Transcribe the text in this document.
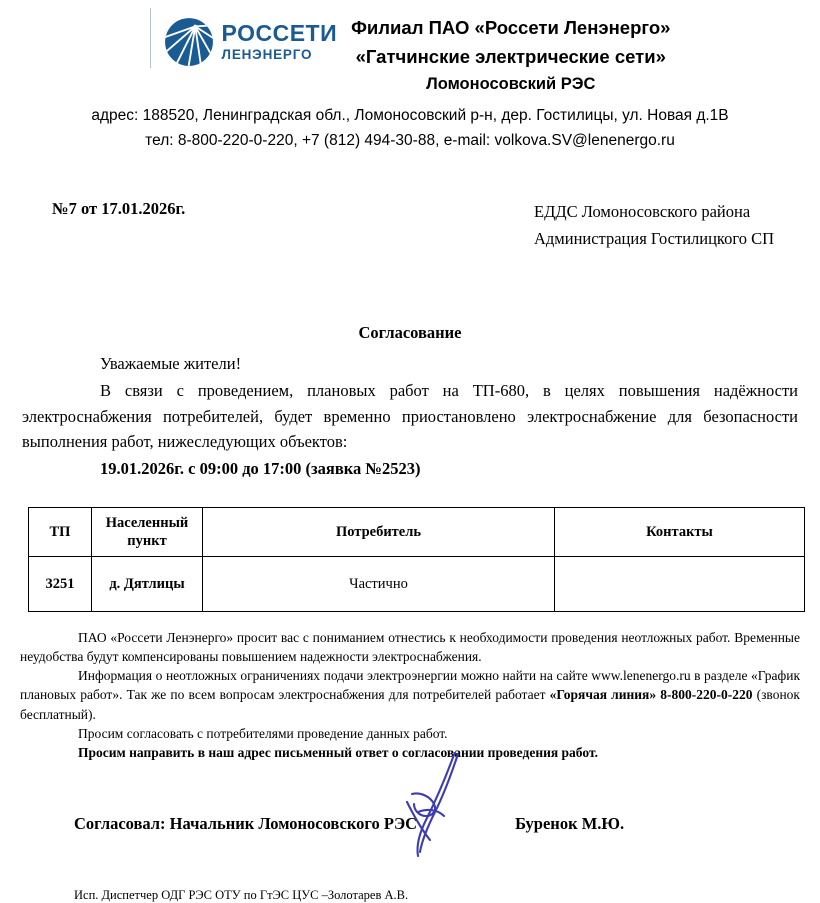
РОССЕТИ
ЛЕНЭНЕРГО
Филиал ПАО «Россети Ленэнерго»
«Гатчинские электрические сети»
Ломоносовский РЭС
адрес: 188520, Ленинградская обл., Ломоносовский р-н, дер. Гостилицы, ул. Новая д.1В
тел: 8-800-220-0-220, +7 (812) 494-30-88, e-mail: volkova.SV@lenenergo.ru
№7 от 17.01.2026г.	ЕДДС Ломоносовского района
Администрация Гостилицкого СП
Согласование
Уважаемые жители!
В связи с проведением, плановых работ на ТП-680, в целях повышения надёжности электроснабжения потребителей, будет временно приостановлено электроснабжение для безопасности выполнения работ, нижеследующих объектов:
19.01.2026г. с 09:00 до 17:00 (заявка №2523)
ТП	Населенный пункт	Потребитель	Контакты
3251	д. Дятлицы	Частично	

ПАО «Россети Ленэнерго» просит вас с пониманием отнестись к необходимости проведения неотложных работ. Временные неудобства будут компенсированы повышением надежности электроснабжения.

Информация о неотложных ограничениях подачи электроэнергии можно найти на сайте www.lenenergo.ru в разделе «График плановых работ». Так же по всем вопросам электроснабжения для потребителей работает «Горячая линия» 8-800-220-0-220 (звонок бесплатный).

Просим согласовать с потребителями проведение данных работ.

Просим направить в наш адрес письменный ответ о согласовании проведения работ.

Согласовал: Начальник Ломоносовского РЭС	Буренок М.Ю.
Исп. Диспетчер ОДГ РЭС ОТУ по ГтЭС ЦУС –Золотарев А.В.
